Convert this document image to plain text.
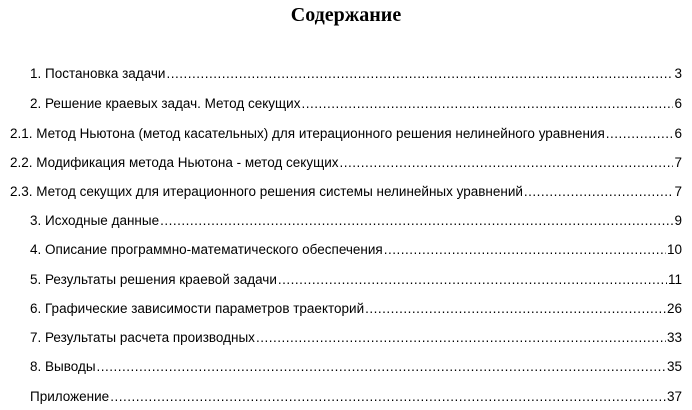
Содержание
1. Постановка задачи .....	3
2. Решение краевых задач. Метод секущих .....	6
2.1. Метод Ньютона (метод касательных) для итерационного решения нелинейного уравнения .....	6
2.2. Модификация метода Ньютона - метод секущих .....	7
2.3. Метод секущих для итерационного решения системы нелинейных уравнений .....	7
3. Исходные данные .....	9
4. Описание программно-математического обеспечения .....	10
5. Результаты решения краевой задачи .....	11
6. Графические зависимости параметров траекторий .....	26
7. Результаты расчета производных .....	33
8. Выводы .....	35
Приложение .....	37
